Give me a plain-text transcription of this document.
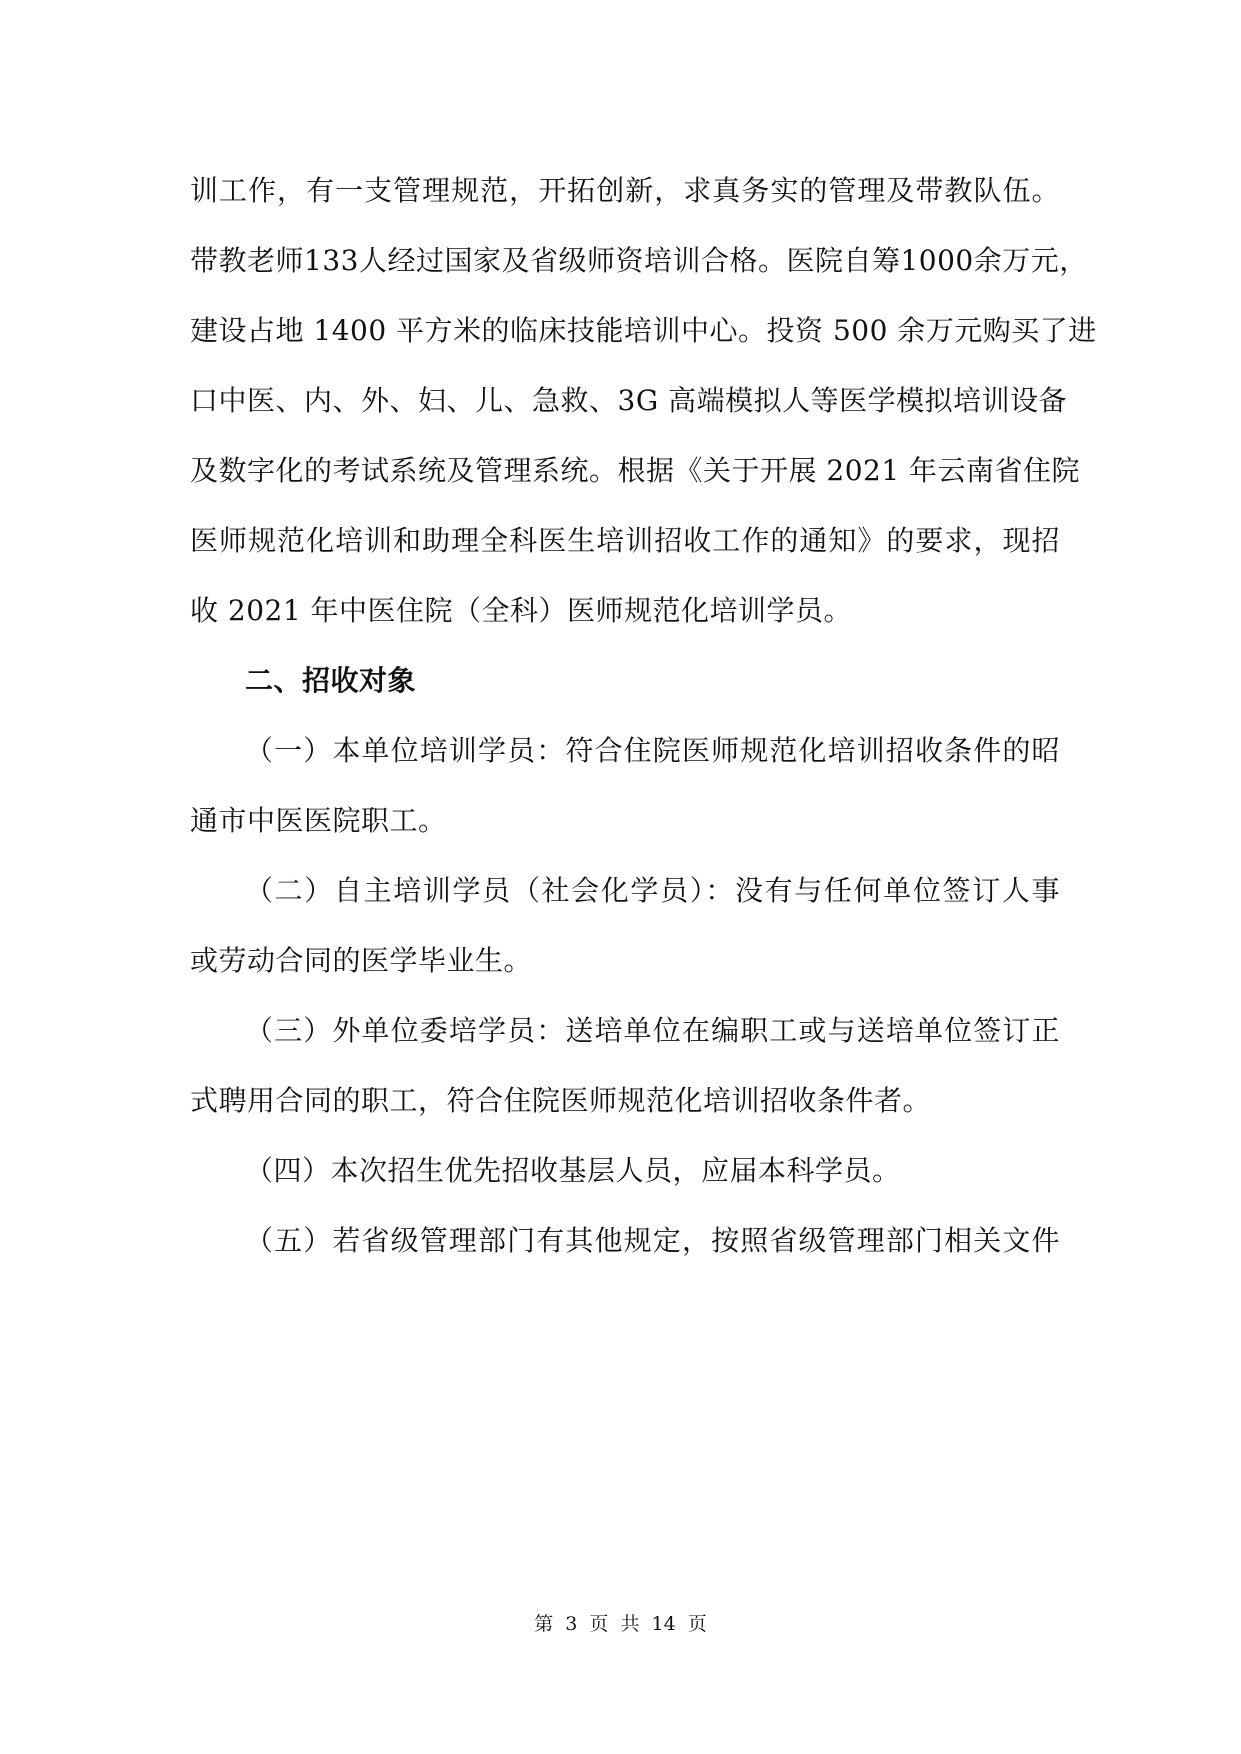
训工作，有一支管理规范，开拓创新，求真务实的管理及带教队伍。
带教老师133人经过国家及省级师资培训合格。医院自筹1000余万元，
建设占地 1400 平方米的临床技能培训中心。投资 500 余万元购买了进
口中医、内、外、妇、儿、急救、3G 高端模拟人等医学模拟培训设备
及数字化的考试系统及管理系统。根据《关于开展 2021 年云南省住院
医师规范化培训和助理全科医生培训招收工作的通知》的要求，现招
收 2021 年中医住院（全科）医师规范化培训学员。
二、招收对象
（一）本单位培训学员：符合住院医师规范化培训招收条件的昭
通市中医医院职工。
（二）自主培训学员（社会化学员）：没有与任何单位签订人事
或劳动合同的医学毕业生。
（三）外单位委培学员：送培单位在编职工或与送培单位签订正
式聘用合同的职工，符合住院医师规范化培训招收条件者。
（四）本次招生优先招收基层人员，应届本科学员。
（五）若省级管理部门有其他规定，按照省级管理部门相关文件
第 3 页 共 14 页
